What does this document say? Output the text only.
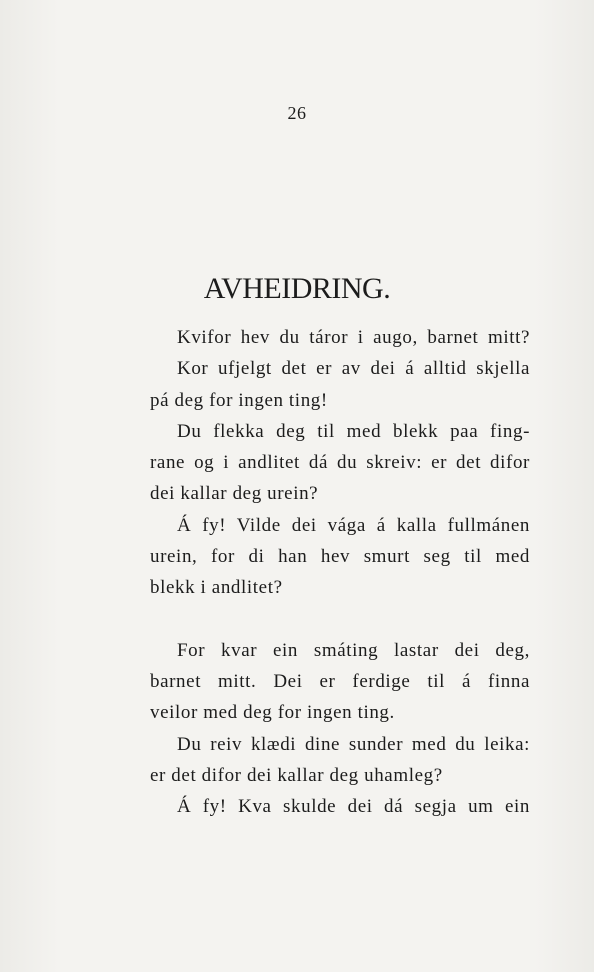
26
AVHEIDRING.
Kvifor hev du táror i augo, barnet mitt?
Kor ufjelgt det er av dei á alltid skjella
pá deg for ingen ting!
Du flekka deg til med blekk paa fing-
rane og i andlitet dá du skreiv: er det difor
dei kallar deg urein?
Á fy! Vilde dei vága á kalla fullmánen
urein, for di han hev smurt seg til med
blekk i andlitet?
For kvar ein smáting lastar dei deg,
barnet mitt. Dei er ferdige til á finna
veilor med deg for ingen ting.
Du reiv klædi dine sunder med du leika:
er det difor dei kallar deg uhamleg?
Á fy! Kva skulde dei dá segja um ein
